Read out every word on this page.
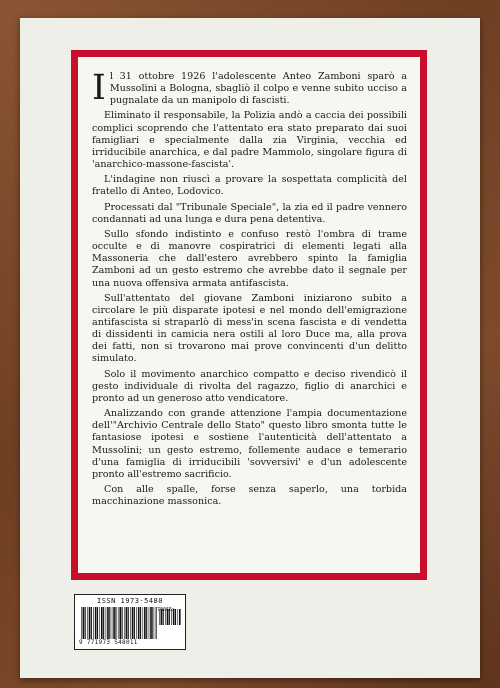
Il 31 ottobre 1926 l'adolescente Anteo Zamboni sparò a Mussolini a Bologna, sbagliò il colpo e venne subito ucciso a pugnalate da un manipolo di fascisti.

Eliminato il responsabile, la Polizia andò a caccia dei possibili complici scoprendo che l'attentato era stato preparato dai suoi famigliari e specialmente dalla zia Virginia, vecchia ed irriducibile anarchica, e dal padre Mammolo, singolare figura di 'anarchico-massone-fascista'.

L'indagine non riuscì a provare la sospettata complicità del fratello di Anteo, Lodovico.

Processati dal "Tribunale Speciale", la zia ed il padre vennero condannati ad una lunga e dura pena detentiva.

Sullo sfondo indistinto e confuso restò l'ombra di trame occulte e di manovre cospiratrici di elementi legati alla Massoneria che dall'estero avrebbero spinto la famiglia Zamboni ad un gesto estremo che avrebbe dato il segnale per una nuova offensiva armata antifascista.

Sull'attentato del giovane Zamboni iniziarono subito a circolare le più disparate ipotesi e nel mondo dell'emigrazione antifascista si straparlò di mess'in scena fascista e di vendetta di dissidenti in camicia nera ostili al loro Duce ma, alla prova dei fatti, non si trovarono mai prove convincenti d'un delitto simulato.

Solo il movimento anarchico compatto e deciso rivendicò il gesto individuale di rivolta del ragazzo, figlio di anarchici e pronto ad un generoso atto vendicatore.

Analizzando con grande attenzione l'ampia documentazione dell'"Archivio Centrale dello Stato" questo libro smonta tutte le fantasiose ipotesi e sostiene l'autenticità dell'attentato a Mussolini; un gesto estremo, follemente audace e temerario d'una famiglia di irriducibili 'sovversivi' e d'un adolescente pronto all'estremo sacrificio.

Con alle spalle, forse senza saperlo, una torbida macchinazione massonica.

ISSN 1973-5480
9 771973 548011
70065>
